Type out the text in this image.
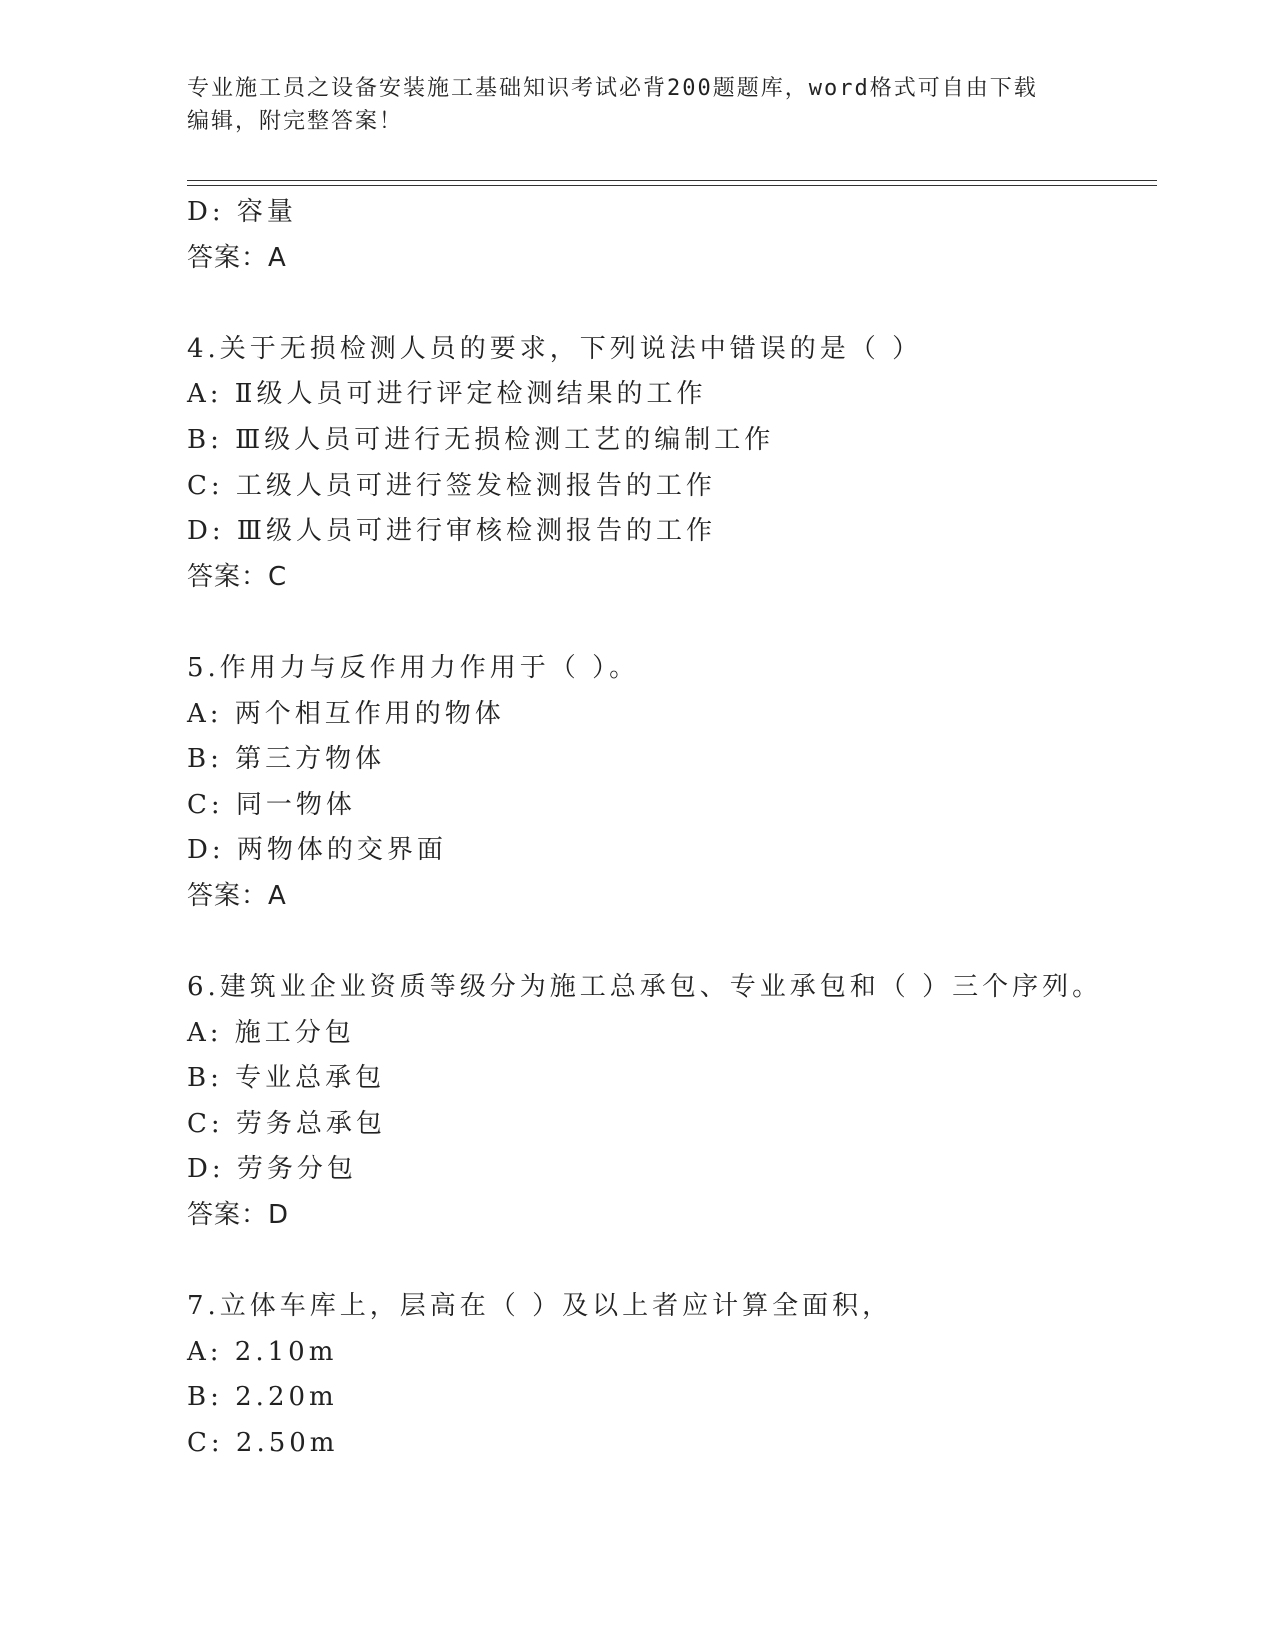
专业施工员之设备安装施工基础知识考试必背200题题库，word格式可自由下载
编辑，附完整答案！
D: 容量
答案：A
4.关于无损检测人员的要求，下列说法中错误的是（ ）
A: Ⅱ级人员可进行评定检测结果的工作
B: Ⅲ级人员可进行无损检测工艺的编制工作
C: 工级人员可进行签发检测报告的工作
D: Ⅲ级人员可进行审核检测报告的工作
答案：C
5.作用力与反作用力作用于（ ）。
A: 两个相互作用的物体
B: 第三方物体
C: 同一物体
D: 两物体的交界面
答案：A
6.建筑业企业资质等级分为施工总承包、专业承包和（ ）三个序列。
A: 施工分包
B: 专业总承包
C: 劳务总承包
D: 劳务分包
答案：D
7.立体车库上，层高在（ ）及以上者应计算全面积，
A: 2.10m
B: 2.20m
C: 2.50m
